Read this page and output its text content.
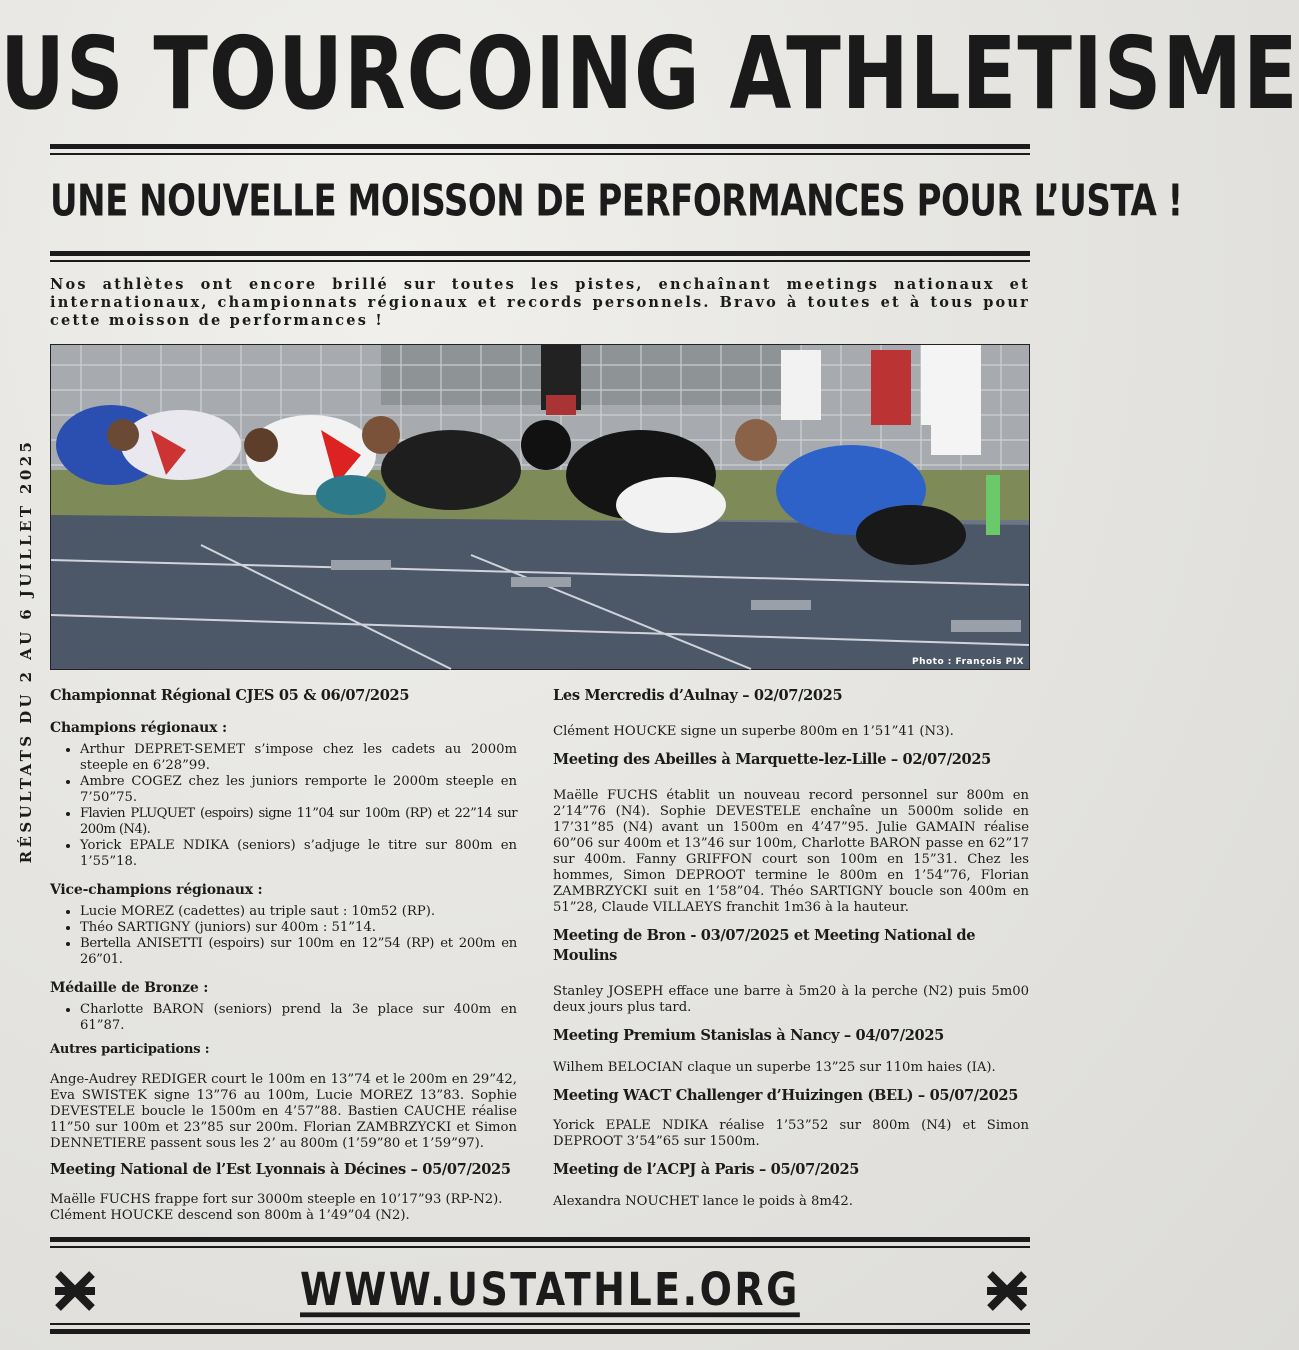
US TOURCOING ATHLETISME
UNE NOUVELLE MOISSON DE PERFORMANCES POUR L’USTA !
Nos athlètes ont encore brillé sur toutes les pistes, enchaînant meetings nationaux et internationaux, championnats régionaux et records personnels. Bravo à toutes et à tous pour cette moisson de performances !
RÉSULTATS DU 2 AU 6 JUILLET 2025	Photo : François PIX
Championnat Régional CJES 05 & 06/07/2025
Champions régionaux :
• Arthur DEPRET-SEMET s’impose chez les cadets au 2000m steeple en 6’28”99.
• Ambre COGEZ chez les juniors remporte le 2000m steeple en 7’50”75.
• Flavien PLUQUET (espoirs) signe 11”04 sur 100m (RP) et 22”14 sur 200m (N4).
• Yorick EPALE NDIKA (seniors) s’adjuge le titre sur 800m en 1’55”18.
Vice-champions régionaux :
• Lucie MOREZ (cadettes) au triple saut : 10m52 (RP).
• Théo SARTIGNY (juniors) sur 400m : 51”14.
• Bertella ANISETTI (espoirs) sur 100m en 12”54 (RP) et 200m en 26”01.
Médaille de Bronze :
• Charlotte BARON (seniors) prend la 3e place sur 400m en 61”87.
Autres participations :

Ange-Audrey REDIGER court le 100m en 13”74 et le 200m en 29”42, Eva SWISTEK signe 13”76 au 100m, Lucie MOREZ 13”83. Sophie DEVESTELE boucle le 1500m en 4’57”88. Bastien CAUCHE réalise 11”50 sur 100m et 23”85 sur 200m. Florian ZAMBRZYCKI et Simon DENNETIERE passent sous les 2’ au 800m (1’59”80 et 1’59”97).

Meeting National de l’Est Lyonnais à Décines – 05/07/2025

Maëlle FUCHS frappe fort sur 3000m steeple en 10’17”93 (RP-N2).

Clément HOUCKE descend son 800m à 1’49”04 (N2).

Les Mercredis d’Aulnay – 02/07/2025

Clément HOUCKE signe un superbe 800m en 1’51”41 (N3).

Meeting des Abeilles à Marquette-lez-Lille – 02/07/2025

Maëlle FUCHS établit un nouveau record personnel sur 800m en 2’14”76 (N4). Sophie DEVESTELE enchaîne un 5000m solide en 17’31”85 (N4) avant un 1500m en 4’47”95. Julie GAMAIN réalise 60”06 sur 400m et 13”46 sur 100m, Charlotte BARON passe en 62”17 sur 400m. Fanny GRIFFON court son 100m en 15”31. Chez les hommes, Simon DEPROOT termine le 800m en 1’54”76, Florian ZAMBRZYCKI suit en 1’58”04. Théo SARTIGNY boucle son 400m en 51”28, Claude VILLAEYS franchit 1m36 à la hauteur.

Meeting de Bron - 03/07/2025 et Meeting National de Moulins

Stanley JOSEPH efface une barre à 5m20 à la perche (N2) puis 5m00 deux jours plus tard.

Meeting Premium Stanislas à Nancy – 04/07/2025

Wilhem BELOCIAN claque un superbe 13”25 sur 110m haies (IA).

Meeting WACT Challenger d’Huizingen (BEL) – 05/07/2025

Yorick EPALE NDIKA réalise 1’53”52 sur 800m (N4) et Simon DEPROOT 3’54”65 sur 1500m.

Meeting de l’ACPJ à Paris – 05/07/2025

Alexandra NOUCHET lance le poids à 8m42.

WWW.USTATHLE.ORG
